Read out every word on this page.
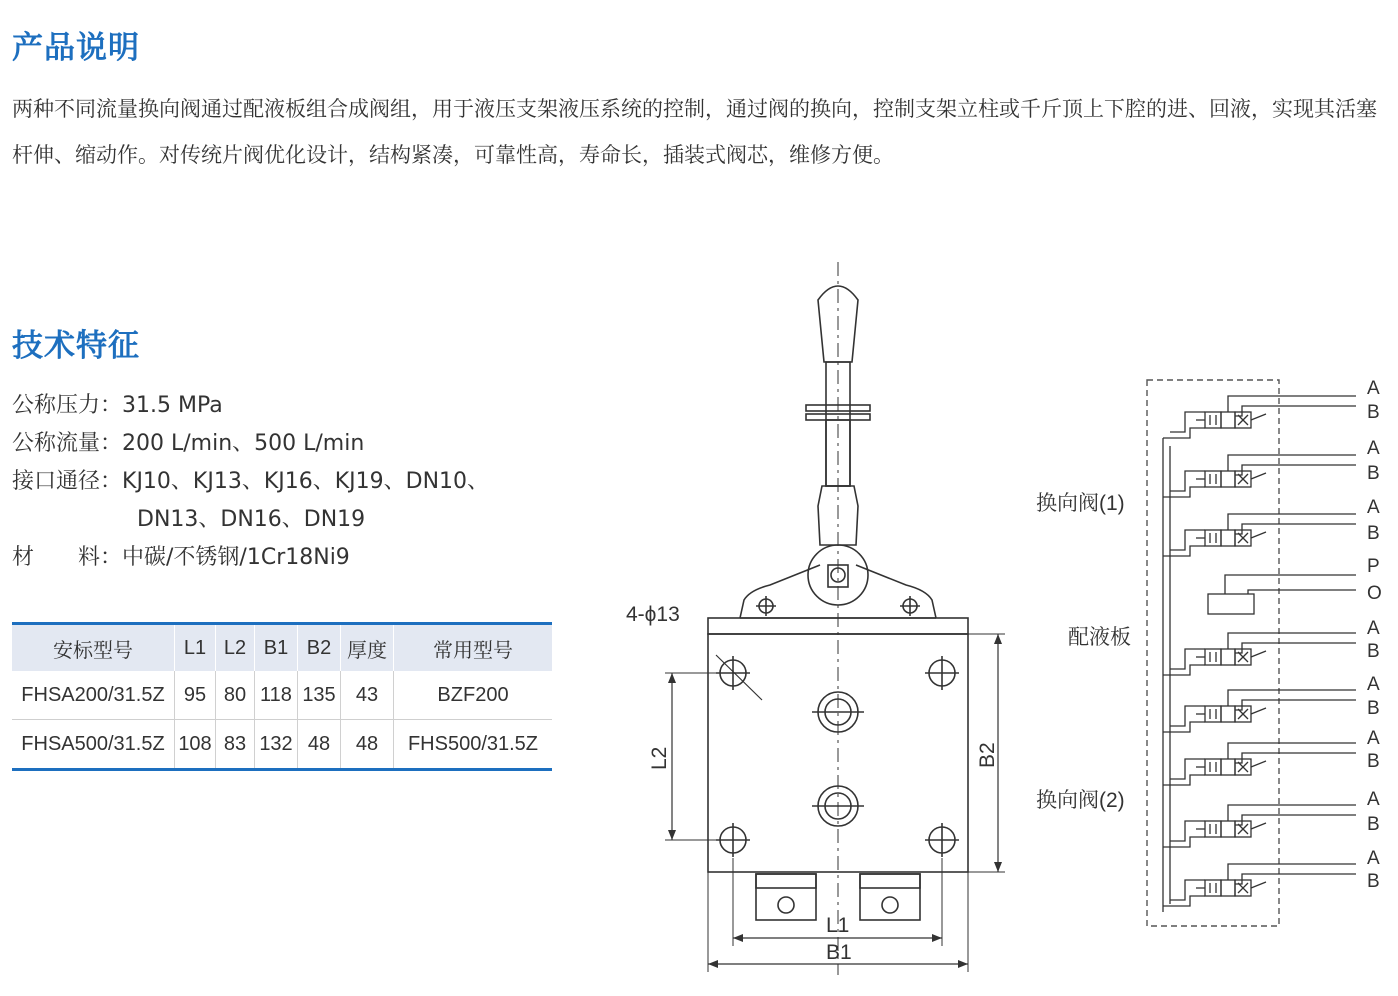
产品说明
两种不同流量换向阀通过配液板组合成阀组，用于液压支架液压系统的控制，通过阀的换向，控制支架立柱或千斤顶上下腔的进、回液，实现其活塞杆伸、缩动作。对传统片阀优化设计，结构紧凑，可靠性高，寿命长，插装式阀芯，维修方便。
技术特征
公称压力：31.5 MPa
公称流量：200 L/min、500 L/min
接口通径：KJ10、KJ13、KJ16、KJ19、DN10、
DN13、DN16、DN19
材　　料：中碳/不锈钢/1Cr18Ni9
安标型号	L1	L2	B1	B2	厚度	常用型号
FHSA200/31.5Z	95	80	118	135	43	BZF200
FHSA500/31.5Z	108	83	132	48	48	FHS500/31.5Z
4-ϕ13
L2	B2
L1
B1
换向阀(1)
配液板
换向阀(2)
A
B
A
B
A
B
P
O
A
B
A
B
A
B
A
B
A
B
